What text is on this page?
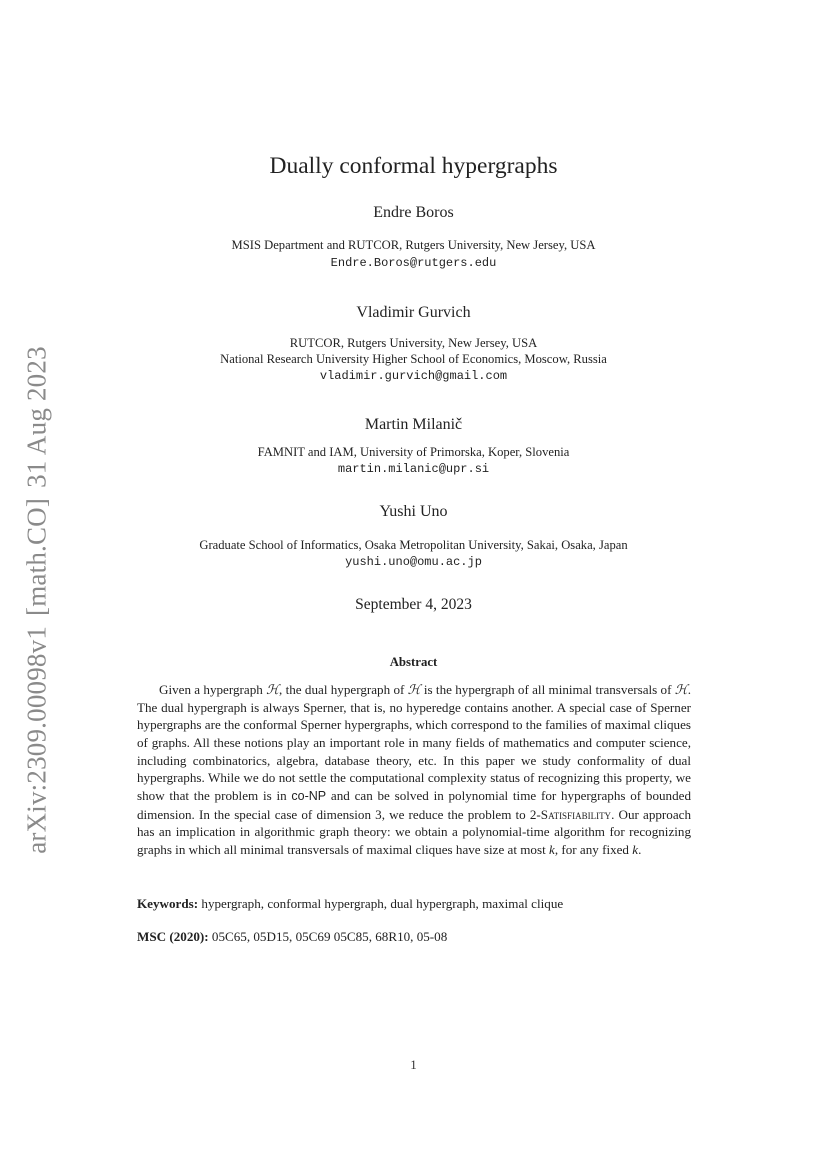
arXiv:2309.00098v1[math.CO]31 Aug 2023
Dually conformal hypergraphs
Endre Boros
MSIS Department and RUTCOR, Rutgers University, New Jersey, USA
Endre.Boros@rutgers.edu
Vladimir Gurvich
RUTCOR, Rutgers University, New Jersey, USA
National Research University Higher School of Economics, Moscow, Russia
vladimir.gurvich@gmail.com
Martin Milanič
FAMNIT and IAM, University of Primorska, Koper, Slovenia
martin.milanic@upr.si
Yushi Uno
Graduate School of Informatics, Osaka Metropolitan University, Sakai, Osaka, Japan
yushi.uno@omu.ac.jp
September 4, 2023
Abstract
Given a hypergraph ℋ, the dual hypergraph of ℋ is the hypergraph of all minimal transversals of ℋ. The dual hypergraph is always Sperner, that is, no hyperedge contains another. A special case of Sperner hypergraphs are the conformal Sperner hypergraphs, which correspond to the families of maximal cliques of graphs. All these notions play an important role in many fields of mathematics and computer science, including combinatorics, algebra, database theory, etc. In this paper we study conformality of dual hypergraphs. While we do not settle the computational complexity status of recognizing this property, we show that the problem is in co-NP and can be solved in polynomial time for hypergraphs of bounded dimension. In the special case of dimension 3, we reduce the problem to 2-Satisfiability. Our approach has an implication in algorithmic graph theory: we obtain a polynomial-time algorithm for recognizing graphs in which all minimal transversals of maximal cliques have size at most k, for any fixed k.
Keywords: hypergraph, conformal hypergraph, dual hypergraph, maximal clique
MSC (2020): 05C65, 05D15, 05C69 05C85, 68R10, 05-08
1
